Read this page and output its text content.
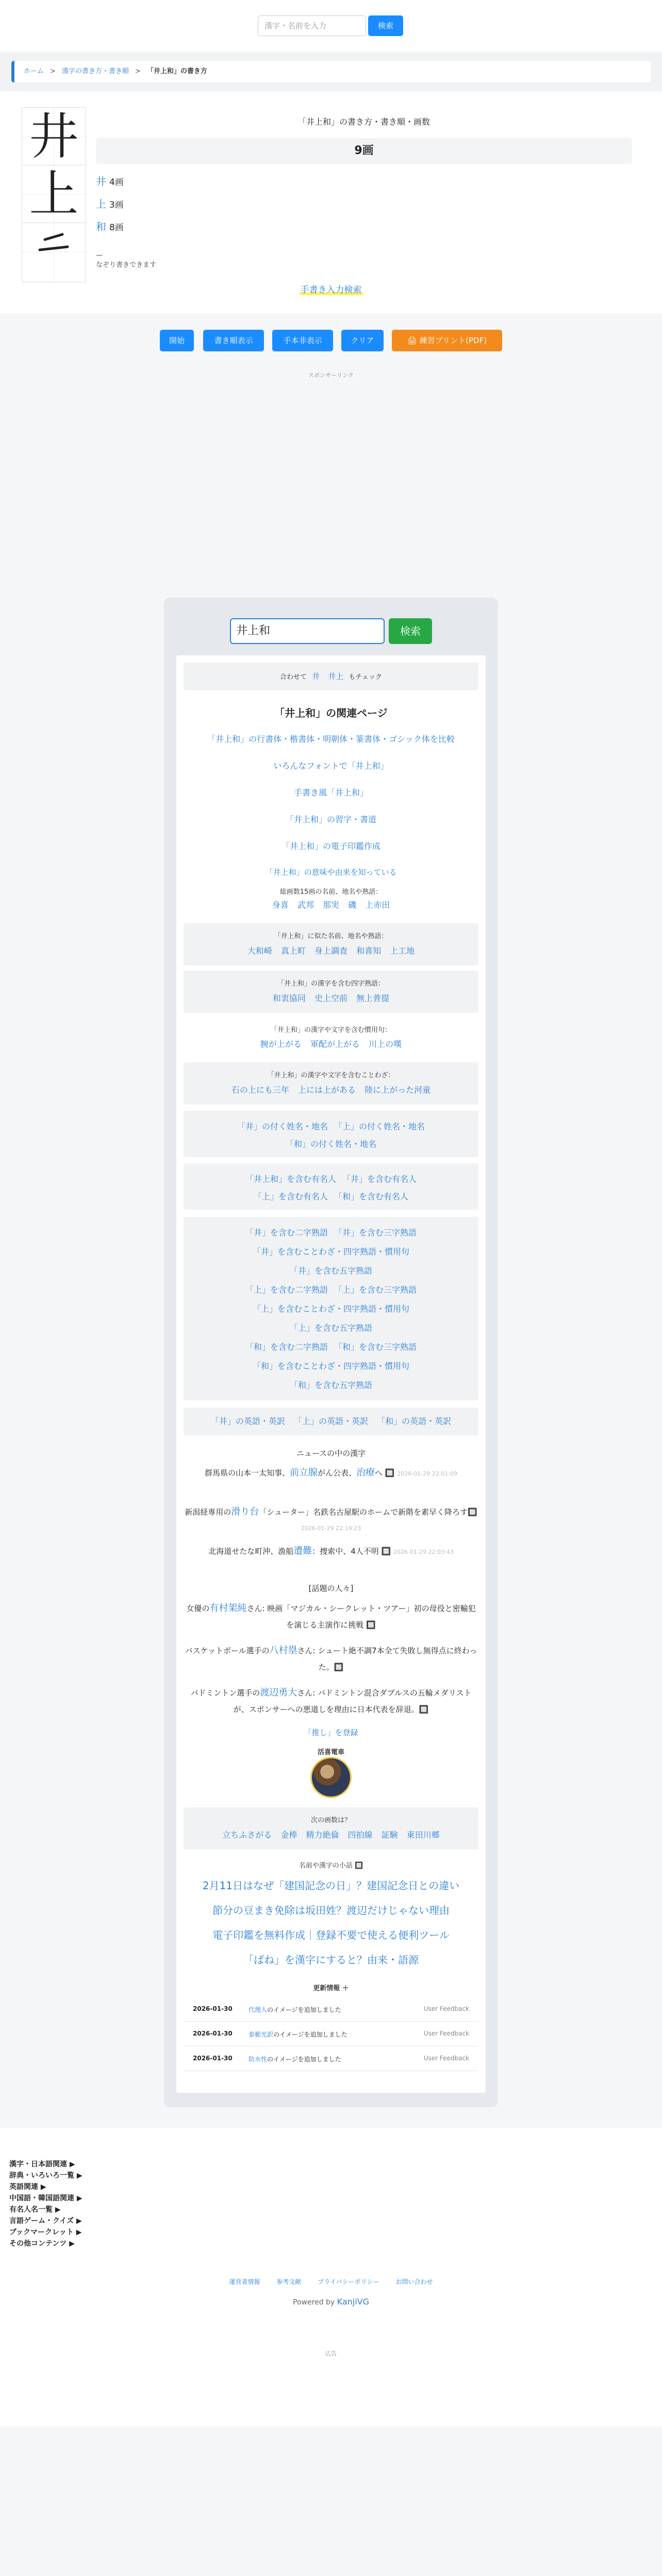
漢字・名前を入力	検索
ホーム > 漢字の書き方・書き順 > 「井上和」の書き方
井
上
「井上和」の書き方・書き順・画数
9画
井 4画
上 3画
和 8画
—
なぞり書きできます
手書き入力検索
開始	書き順表示	手本非表示	クリア	🖨 練習プリント(PDF)
スポンサーリンク
井上和	検索
合わせて 井 井上 もチェック
「井上和」の関連ページ
「井上和」の行書体・楷書体・明朝体・篆書体・ゴシック体を比較
いろんなフォントで「井上和」
手書き風「井上和」
「井上和」の習字・書道
「井上和」の電子印鑑作成
「井上和」の意味や由来を知っている
総画数15画の名前、地名や熟語：
身喜 武邦 那実 磯 上赤田
「井上和」に似た名前、地名や熟語：
大和崎 真上町 身上調査 和喜知 上工地
「井上和」の漢字を含む四字熟語：
和衷協同 史上空前 無上普提
「井上和」の漢字や文字を含む慣用句：
腕が上がる 軍配が上がる 川上の嘆
「井上和」の漢字や文字を含むことわざ：
石の上にも三年 上には上がある 陸に上がった河童
「井」の付く姓名・地名 「上」の付く姓名・地名
「和」の付く姓名・地名
「井上和」を含む有名人 「井」を含む有名人
「上」を含む有名人 「和」を含む有名人
「井」を含む二字熟語 「井」を含む三字熟語
「井」を含むことわざ・四字熟語・慣用句
「井」を含む五字熟語
「上」を含む二字熟語 「上」を含む三字熟語
「上」を含むことわざ・四字熟語・慣用句
「上」を含む五字熟語
「和」を含む二字熟語 「和」を含む三字熟語
「和」を含むことわざ・四字熟語・慣用句
「和」を含む五字熟語
「井」の英語・英訳 「上」の英語・英訳 「和」の英語・英訳
ニュースの中の漢字
群馬県の山本一太知事、前立腺がん公表、治療へ 🔲 2026-01-29 22:01:09
新潟経専用の滑り台「シューター」名鉄名古屋駅のホームで新階を素早く降ろす🔲 2026-01-29 22:19:23
北海道せたな町沖、漁船遭難：捜索中、4人不明 🔲 2026-01-29 22:03:43
[話題の人々]
女優の有村架純さん: 映画「マジカル・シークレット・ツアー」初の母役と密輸犯を演じる主演作に挑戦 🔲
バスケットボール選手の八村塁さん: シュート絶不調7本全て失敗し無得点に終わった。🔲
バドミントン選手の渡辺勇大さん: バドミントン混合ダブルスの五輪メダリストが、スポンサーへの悪道しを理由に日本代表を辞退。🔲
「推し」を登録
活喜電車
次の画数は？
立ちふさがる 金棒 精力絶倫 四拍線 証験 東田川郷
名前や漢字の小話 🔲
2月11日はなぜ「建国記念の日」？建国記念日との違い
節分の豆まき免除は坂田姓？渡辺だけじゃない理由
電子印鑑を無料作成｜登録不要で使える便利ツール
「ばね」を漢字にすると？由来・語源
更新情報 ＋
2026-01-30	代理人のイメージを追加しました	User Feedback
2026-01-30	泰範光訳のイメージを追加しました	User Feedback
2026-01-30	防水性のイメージを追加しました	User Feedback
漢字・日本語関連 ▶
辞典・いろいろ一覧 ▶
英語関連 ▶
中国語・韓国語関連 ▶
有名人名一覧 ▶
言語ゲーム・クイズ ▶
ブックマークレット ▶
その他コンテンツ ▶
運営者情報	参考文献	プライバシーポリシー	お問い合わせ
Powered by KanjiVG
広告
